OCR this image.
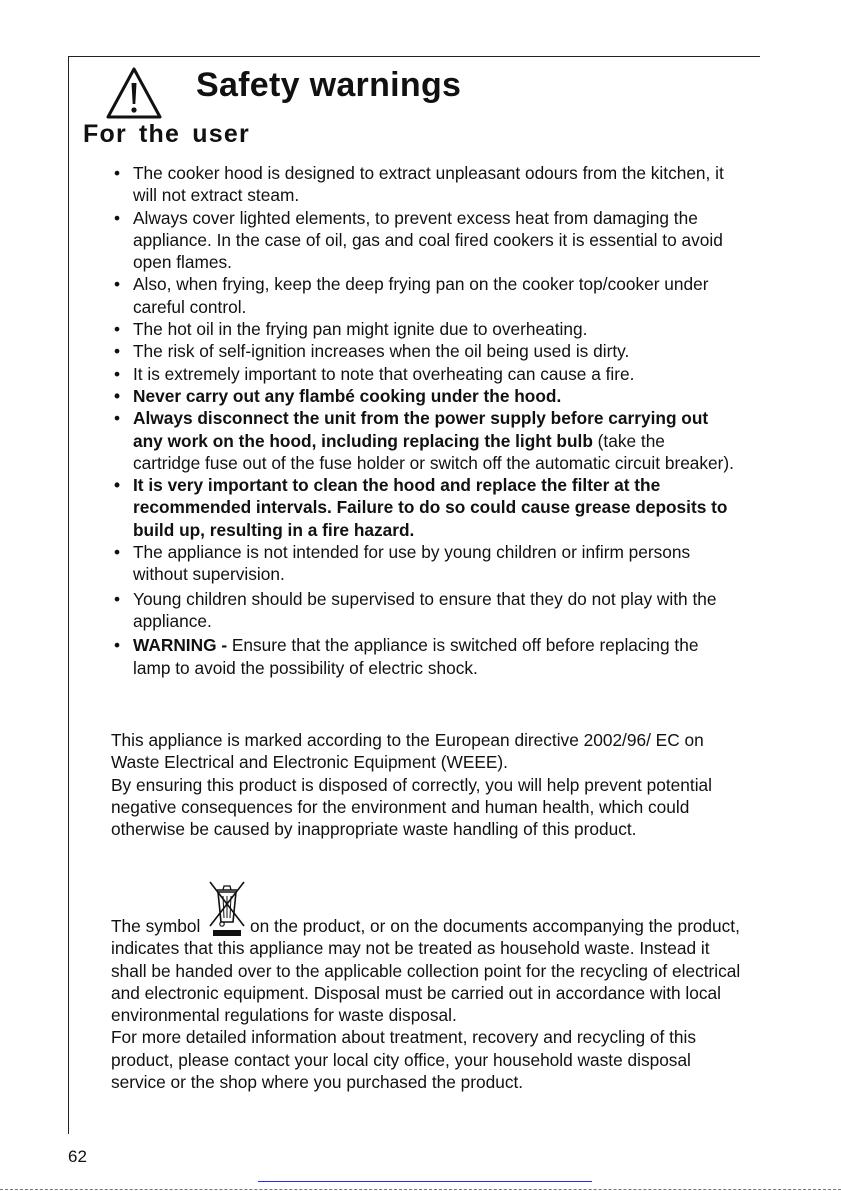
Safety warnings
For the user
• The cooker hood is designed to extract unpleasant odours from the kitchen, it will not extract steam.
• Always cover lighted elements, to prevent excess heat from damaging the appliance. In the case of oil, gas and coal fired cookers it is essential to avoid open flames.
• Also, when frying, keep the deep frying pan on the cooker top/cooker under careful control.
• The hot oil in the frying pan might ignite due to overheating.
• The risk of self-ignition increases when the oil being used is dirty.
• It is extremely important to note that overheating can cause a fire.
• Never carry out any flambé cooking under the hood.
• Always disconnect the unit from the power supply before carrying out any work on the hood, including replacing the light bulb (take the cartridge fuse out of the fuse holder or switch off the automatic circuit breaker).
• It is very important to clean the hood and replace the filter at the recommended intervals. Failure to do so could cause grease deposits to build up, resulting in a fire hazard.
• The appliance is not intended for use by young children or infirm persons without supervision.
• Young children should be supervised to ensure that they do not play with the appliance.
• WARNING - Ensure that the appliance is switched off before replacing the lamp to avoid the possibility of electric shock.
This appliance is marked according to the European directive 2002/96/ EC on Waste Electrical and Electronic Equipment (WEEE).
By ensuring this product is disposed of correctly, you will help prevent potential negative consequences for the environment and human health, which could otherwise be caused by inappropriate waste handling of this product.
The symbol	on the product, or on the documents accompanying the product, indicates that this appliance may not be treated as household waste. Instead it shall be handed over to the applicable collection point for the recycling of electrical and electronic equipment. Disposal must be carried out in accordance with local environmental regulations for waste disposal.
For more detailed information about treatment, recovery and recycling of this product, please contact your local city office, your household waste disposal service or the shop where you purchased the product.
62
